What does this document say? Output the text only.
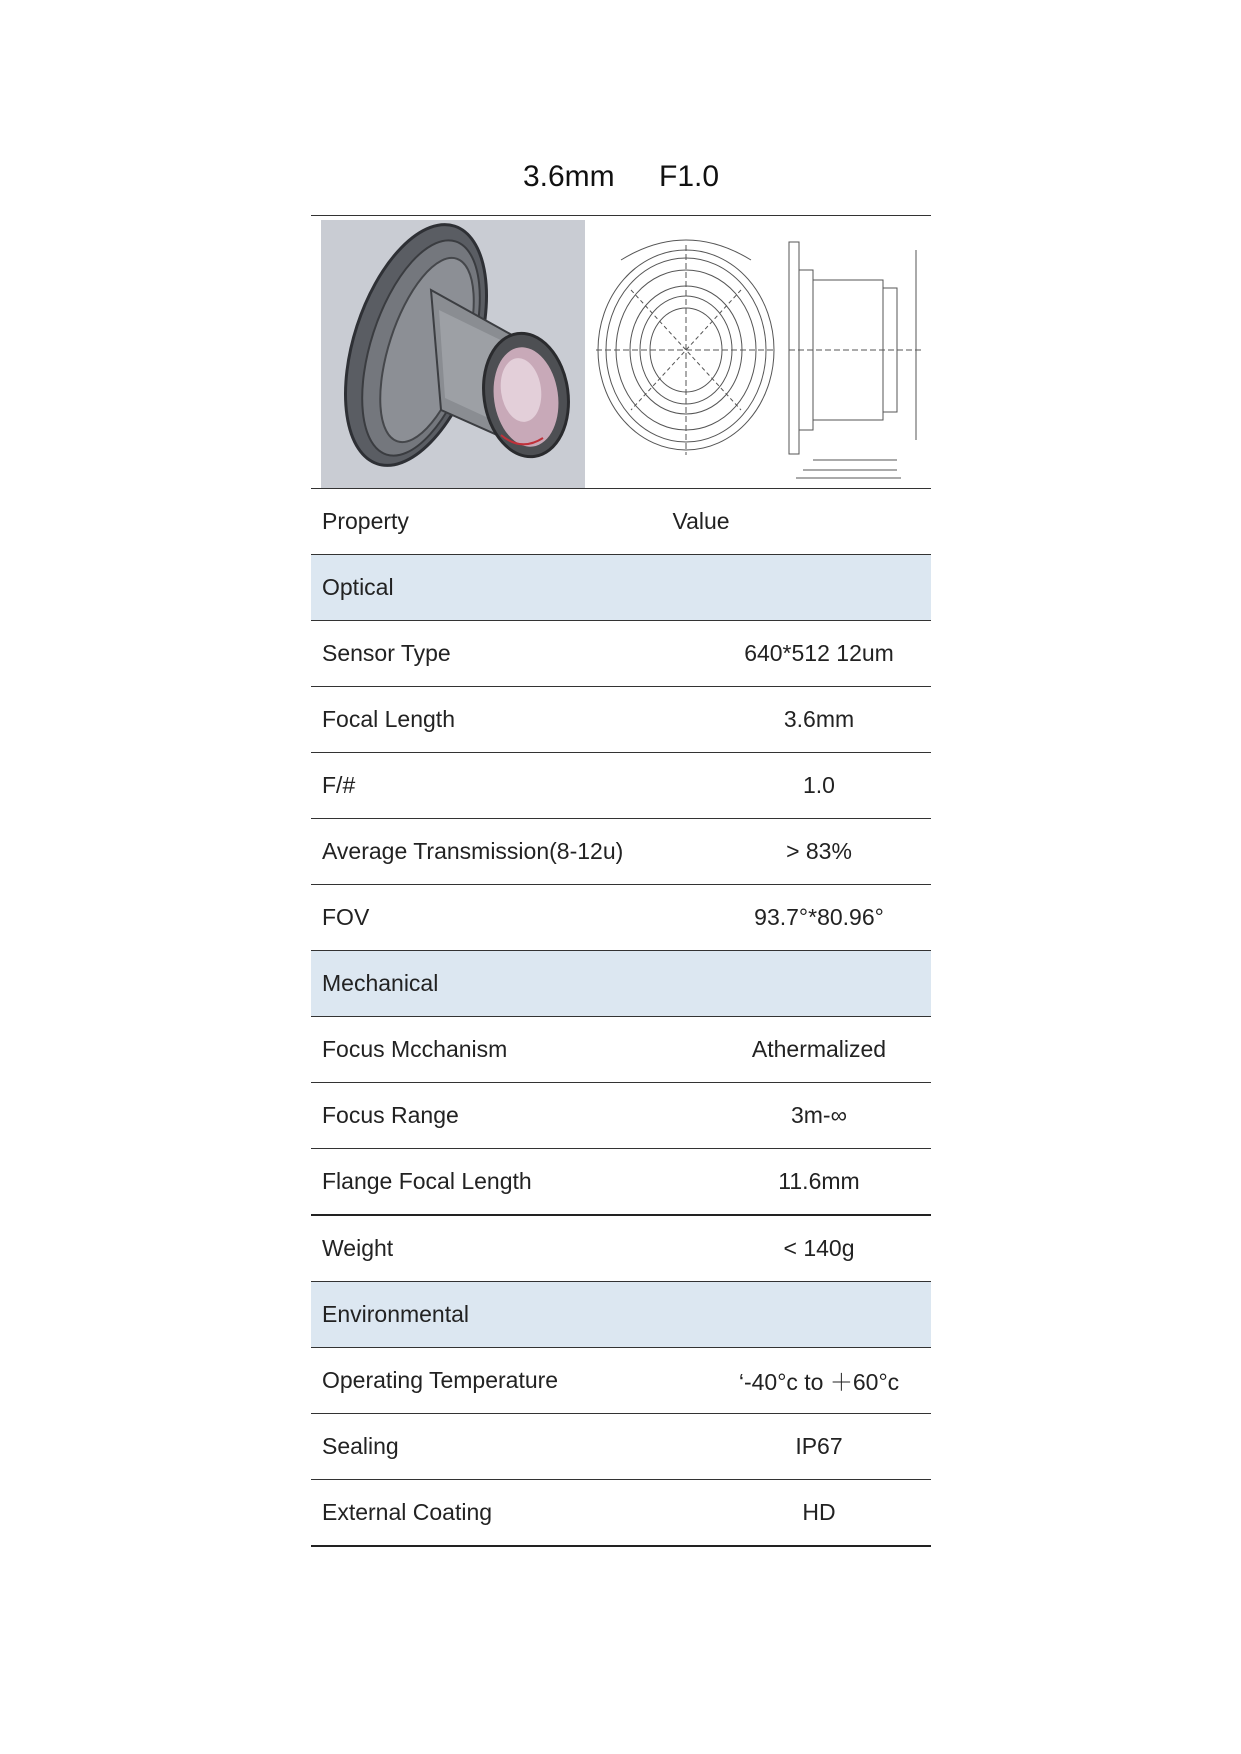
3.6mm F1.0
Property	Value
Optical
Sensor Type	640*512 12um
Focal Length	3.6mm
F/#	1.0
Average Transmission(8-12u)	> 83%
FOV	93.7°*80.96°
Mechanical
Focus Mcchanism	Athermalized
Focus Range	3m-∞
Flange Focal Length	11.6mm
Weight	< 140g
Environmental
Operating Temperature	‘-40°c to ＋60°c
Sealing	IP67
External Coating	HD
